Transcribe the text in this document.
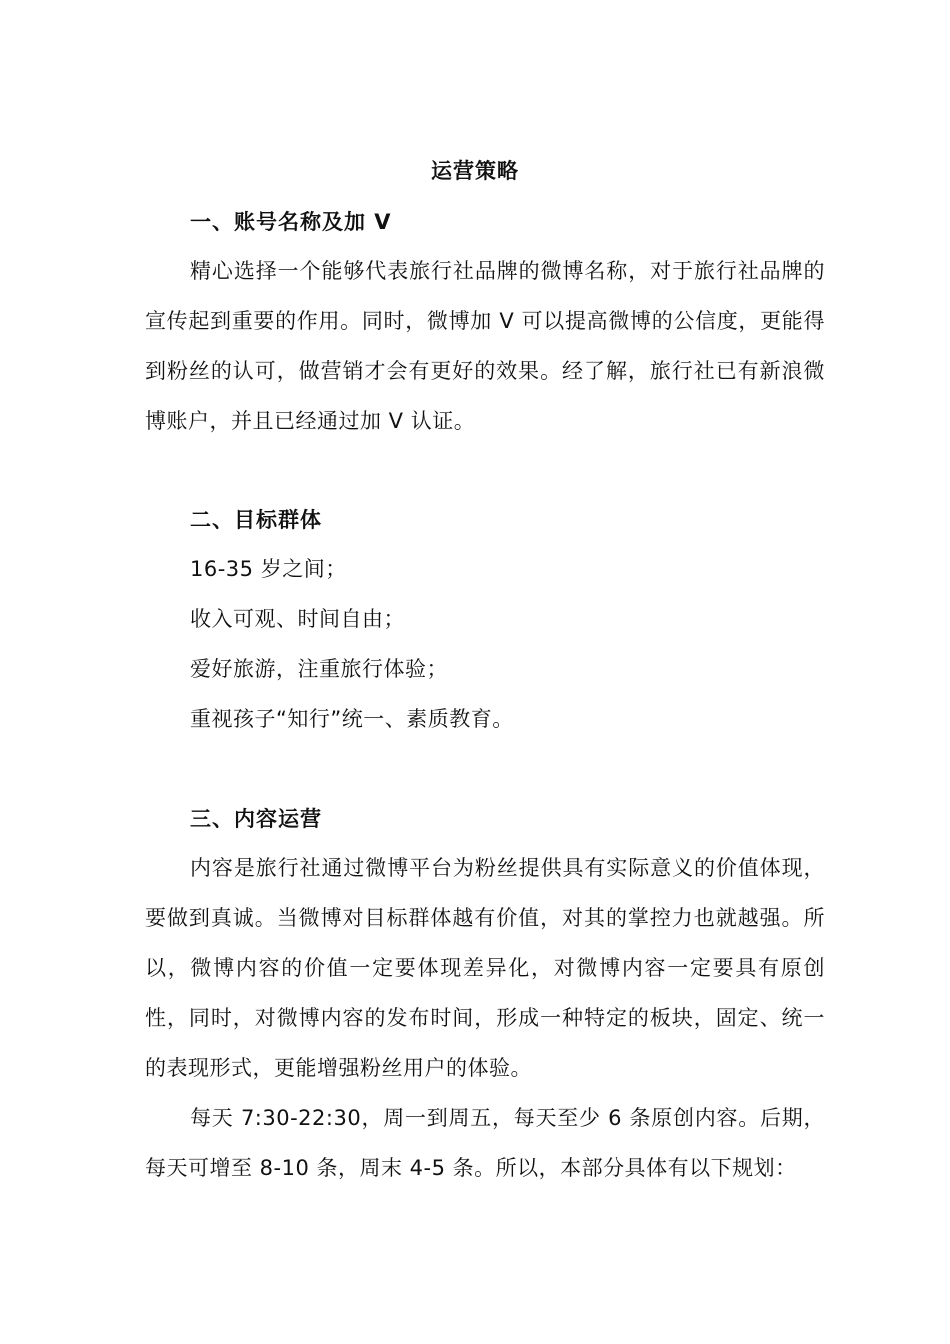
运营策略
一、账号名称及加 V

精心选择一个能够代表旅行社品牌的微博名称，对于旅行社品牌的宣传起到重要的作用。同时，微博加 V 可以提高微博的公信度，更能得到粉丝的认可，做营销才会有更好的效果。经了解，旅行社已有新浪微博账户，并且已经通过加 V 认证。

二、目标群体
16-35 岁之间；
收入可观、时间自由；
爱好旅游，注重旅行体验；
重视孩子“知行”统一、素质教育。
三、内容运营

内容是旅行社通过微博平台为粉丝提供具有实际意义的价值体现，要做到真诚。当微博对目标群体越有价值，对其的掌控力也就越强。所以，微博内容的价值一定要体现差异化，对微博内容一定要具有原创性，同时，对微博内容的发布时间，形成一种特定的板块，固定、统一的表现形式，更能增强粉丝用户的体验。

每天 7:30-22:30，周一到周五，每天至少 6 条原创内容。后期，每天可增至 8-10 条，周末 4-5 条。所以，本部分具体有以下规划：
